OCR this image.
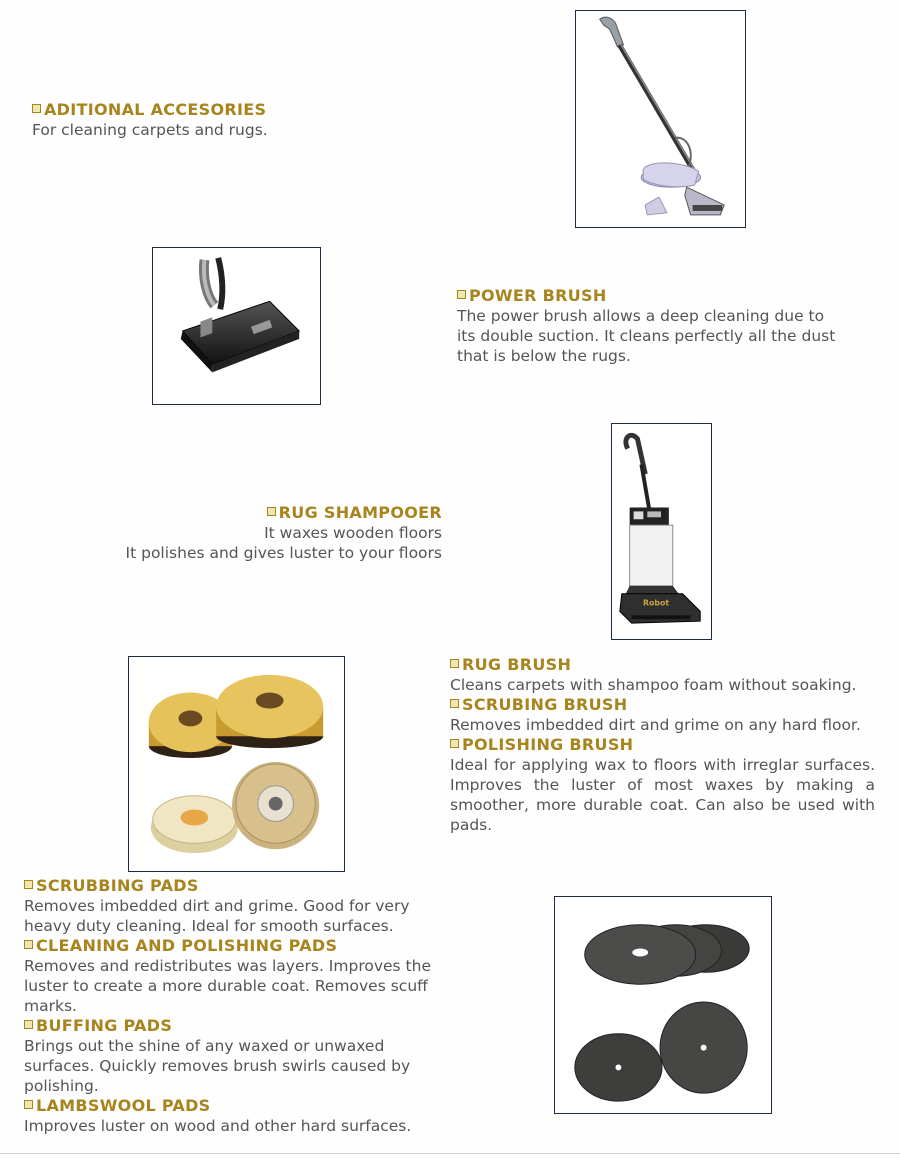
ADITIONAL ACCESORIES
For cleaning carpets and rugs.
POWER BRUSH
The power brush allows a deep cleaning due to
its double suction. It cleans perfectly all the dust
that is below the rugs.
RUG SHAMPOOER
It waxes wooden floors
It polishes and gives luster to your floors
Robot
RUG BRUSH
Cleans carpets with shampoo foam without soaking.
SCRUBING BRUSH
Removes imbedded dirt and grime on any hard floor.
POLISHING BRUSH
Ideal for applying wax to floors with irreglar surfaces. Improves the luster of most waxes by making a smoother, more durable coat. Can also be used with pads.
SCRUBBING PADS
Removes imbedded dirt and grime. Good for very heavy duty cleaning. Ideal for smooth surfaces.
CLEANING AND POLISHING PADS
Removes and redistributes was layers. Improves the luster to create a more durable coat. Removes scuff marks.
BUFFING PADS
Brings out the shine of any waxed or unwaxed surfaces. Quickly removes brush swirls caused by polishing.
LAMBSWOOL PADS
Improves luster on wood and other hard surfaces.
